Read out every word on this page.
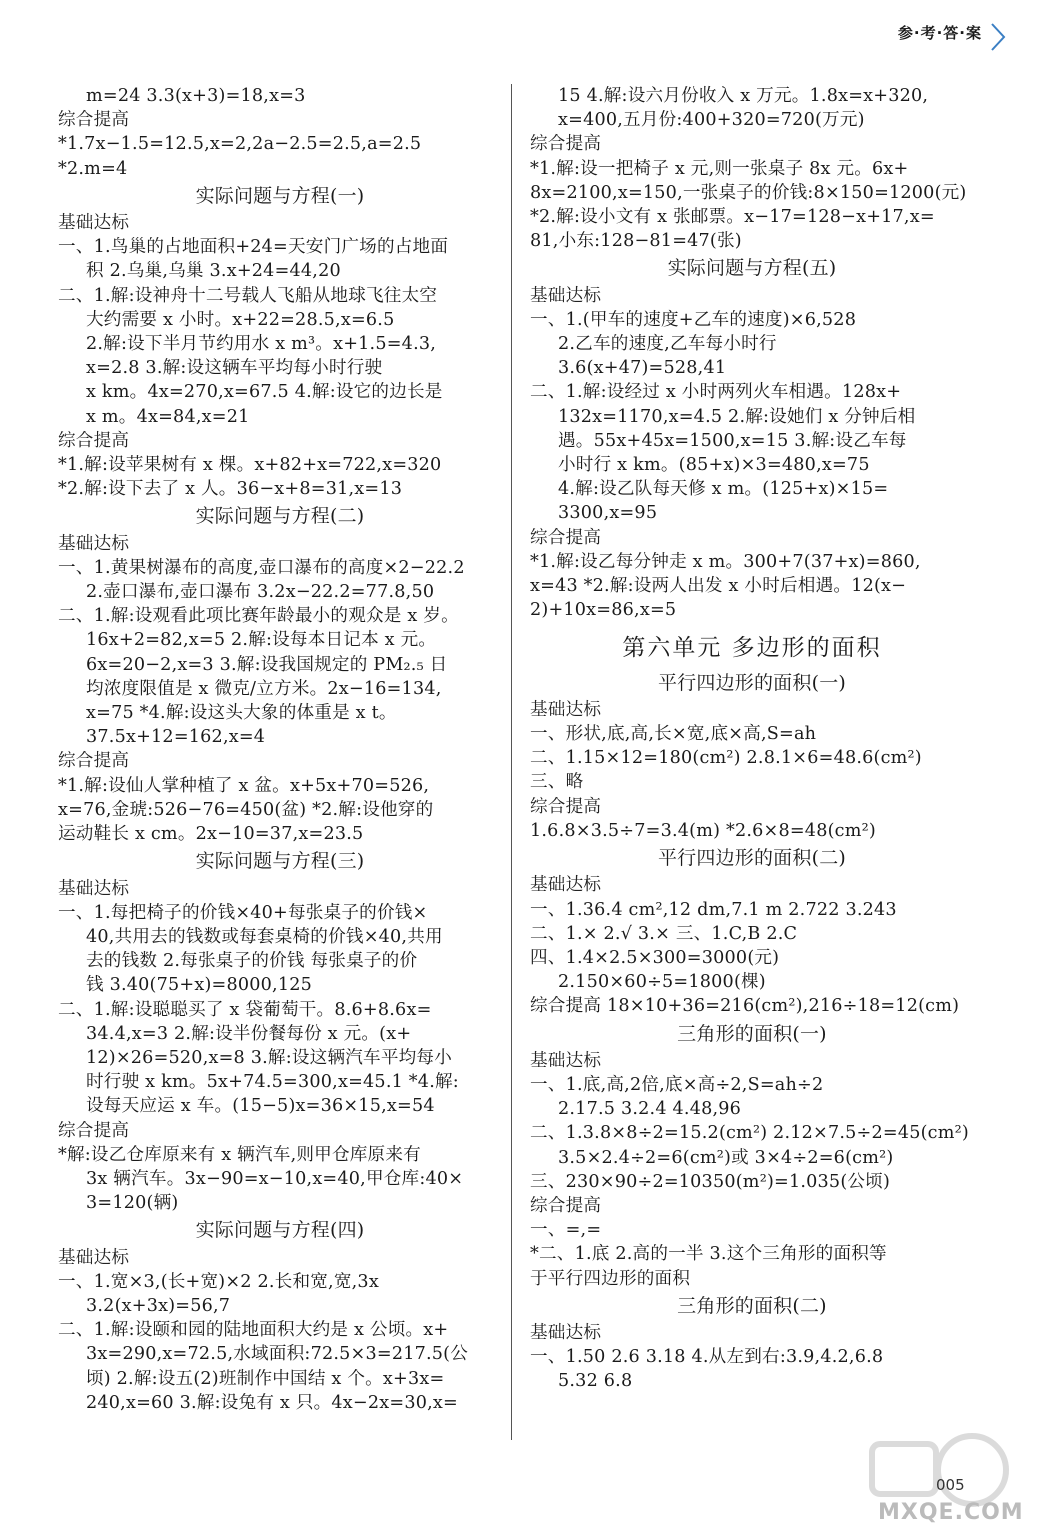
参·考·答·案
m=24 3.3(x+3)=18,x=3
综合提高
*1.7x−1.5=12.5,x=2,2a−2.5=2.5,a=2.5
*2.m=4
实际问题与方程(一)
基础达标
一、1.鸟巢的占地面积+24=天安门广场的占地面
积 2.乌巢,乌巢 3.x+24=44,20
二、1.解:设神舟十二号载人飞船从地球飞往太空
大约需要 x 小时。x+22=28.5,x=6.5
2.解:设下半月节约用水 x m³。x+1.5=4.3,
x=2.8 3.解:设这辆车平均每小时行驶
x km。4x=270,x=67.5 4.解:设它的边长是
x m。4x=84,x=21
综合提高
*1.解:设苹果树有 x 棵。x+82+x=722,x=320
*2.解:设下去了 x 人。36−x+8=31,x=13
实际问题与方程(二)
基础达标
一、1.黄果树瀑布的高度,壶口瀑布的高度×2−22.2
2.壶口瀑布,壶口瀑布 3.2x−22.2=77.8,50
二、1.解:设观看此项比赛年龄最小的观众是 x 岁。
16x+2=82,x=5 2.解:设每本日记本 x 元。
6x=20−2,x=3 3.解:设我国规定的 PM₂.₅ 日
均浓度限值是 x 微克/立方米。2x−16=134,
x=75 *4.解:设这头大象的体重是 x t。
37.5x+12=162,x=4
综合提高
*1.解:设仙人掌种植了 x 盆。x+5x+70=526,
x=76,金琥:526−76=450(盆) *2.解:设他穿的
运动鞋长 x cm。2x−10=37,x=23.5
实际问题与方程(三)
基础达标
一、1.每把椅子的价钱×40+每张桌子的价钱×
40,共用去的钱数或每套桌椅的价钱×40,共用
去的钱数 2.每张桌子的价钱 每张桌子的价
钱 3.40(75+x)=8000,125
二、1.解:设聪聪买了 x 袋葡萄干。8.6+8.6x=
34.4,x=3 2.解:设半份餐每份 x 元。(x+
12)×26=520,x=8 3.解:设这辆汽车平均每小
时行驶 x km。5x+74.5=300,x=45.1 *4.解:
设每天应运 x 车。(15−5)x=36×15,x=54
综合提高
*解:设乙仓库原来有 x 辆汽车,则甲仓库原来有
3x 辆汽车。3x−90=x−10,x=40,甲仓库:40×
3=120(辆)
实际问题与方程(四)
基础达标
一、1.宽×3,(长+宽)×2 2.长和宽,宽,3x
3.2(x+3x)=56,7
二、1.解:设颐和园的陆地面积大约是 x 公顷。x+
3x=290,x=72.5,水域面积:72.5×3=217.5(公
顷) 2.解:设五(2)班制作中国结 x 个。x+3x=
240,x=60 3.解:设兔有 x 只。4x−2x=30,x=
15 4.解:设六月份收入 x 万元。1.8x=x+320,
x=400,五月份:400+320=720(万元)
综合提高
*1.解:设一把椅子 x 元,则一张桌子 8x 元。6x+
8x=2100,x=150,一张桌子的价钱:8×150=1200(元)
*2.解:设小文有 x 张邮票。x−17=128−x+17,x=
81,小东:128−81=47(张)
实际问题与方程(五)
基础达标
一、1.(甲车的速度+乙车的速度)×6,528
2.乙车的速度,乙车每小时行
3.6(x+47)=528,41
二、1.解:设经过 x 小时两列火车相遇。128x+
132x=1170,x=4.5 2.解:设她们 x 分钟后相
遇。55x+45x=1500,x=15 3.解:设乙车每
小时行 x km。(85+x)×3=480,x=75
4.解:设乙队每天修 x m。(125+x)×15=
3300,x=95
综合提高
*1.解:设乙每分钟走 x m。300+7(37+x)=860,
x=43 *2.解:设两人出发 x 小时后相遇。12(x−
2)+10x=86,x=5
第六单元 多边形的面积
平行四边形的面积(一)
基础达标
一、形状,底,高,长×宽,底×高,S=ah
二、1.15×12=180(cm²) 2.8.1×6=48.6(cm²)
三、略
综合提高
1.6.8×3.5÷7=3.4(m) *2.6×8=48(cm²)
平行四边形的面积(二)
基础达标
一、1.36.4 cm²,12 dm,7.1 m 2.722 3.243
二、1.× 2.√ 3.× 三、1.C,B 2.C
四、1.4×2.5×300=3000(元)
2.150×60÷5=1800(棵)
综合提高 18×10+36=216(cm²),216÷18=12(cm)
三角形的面积(一)
基础达标
一、1.底,高,2倍,底×高÷2,S=ah÷2
2.17.5 3.2.4 4.48,96
二、1.3.8×8÷2=15.2(cm²) 2.12×7.5÷2=45(cm²)
3.5×2.4÷2=6(cm²)或 3×4÷2=6(cm²)
三、230×90÷2=10350(m²)=1.035(公顷)
综合提高
一、=,=
*二、1.底 2.高的一半 3.这个三角形的面积等
于平行四边形的面积
三角形的面积(二)
基础达标
一、1.50 2.6 3.18 4.从左到右:3.9,4.2,6.8
5.32 6.8
MXQE.COM
005
